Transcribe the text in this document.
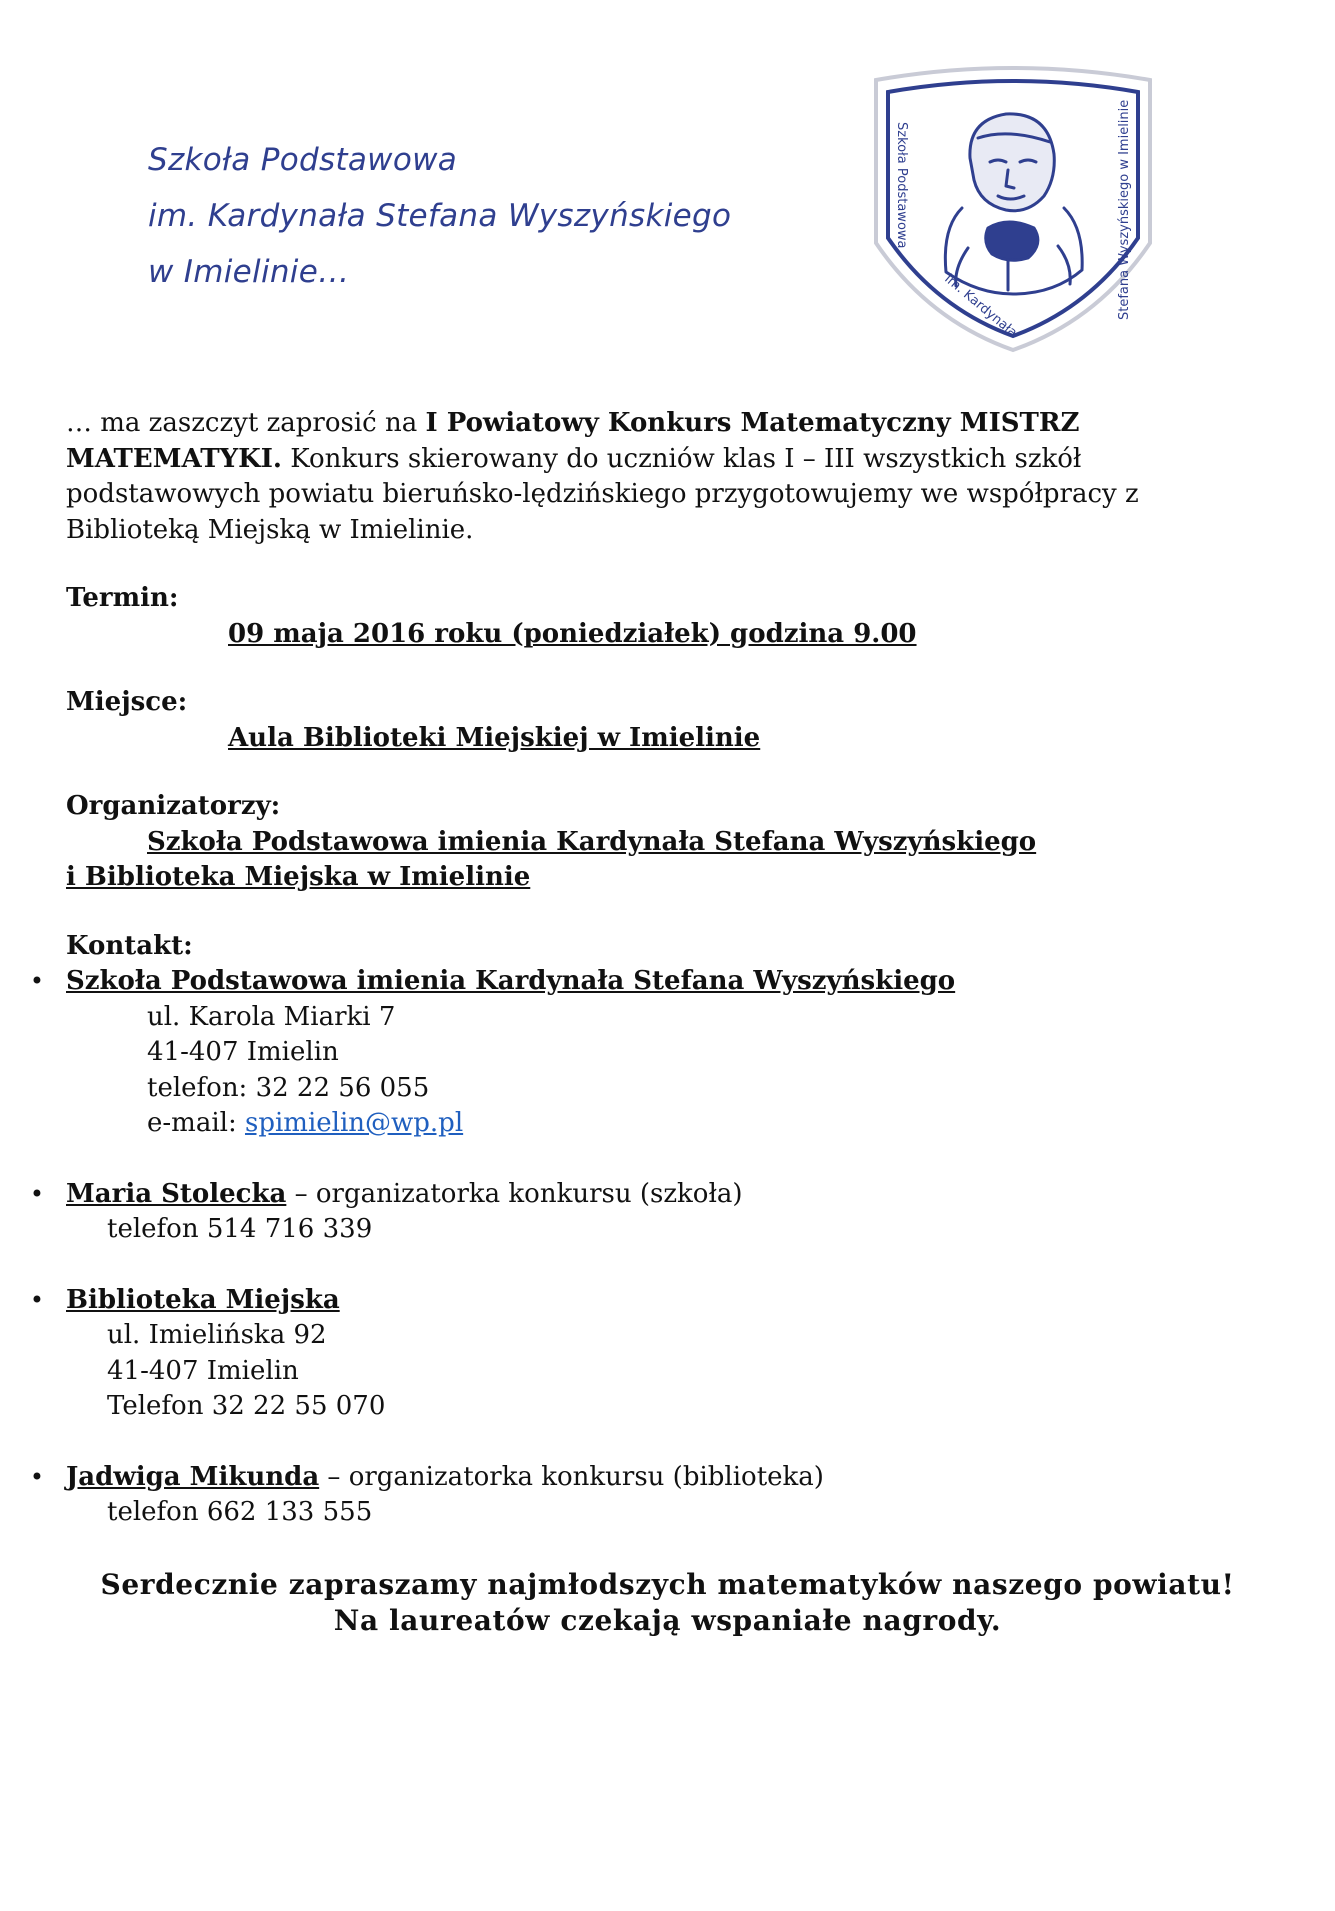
Szkoła Podstawowa
im. Kardynała Stefana Wyszyńskiego
w Imielinie…
Szkoła Podstawowa	Stefana Wyszyńskiego w Imielinie
im. Kardynała

… ma zaszczyt zaprosić na I Powiatowy Konkurs Matematyczny MISTRZ MATEMATYKI. Konkurs skierowany do uczniów klas I – III wszystkich szkół podstawowych powiatu bieruńsko-lędzińskiego przygotowujemy we współpracy z Biblioteką Miejską w Imielinie.

Termin:
09 maja 2016 roku (poniedziałek) godzina 9.00
Miejsce:
Aula Biblioteki Miejskiej w Imielinie
Organizatorzy:
Szkoła Podstawowa imienia Kardynała Stefana Wyszyńskiego
i Biblioteka Miejska w Imielinie
Kontakt:
• Szkoła Podstawowa imienia Kardynała Stefana Wyszyńskiego
ul. Karola Miarki 7
41-407 Imielin
telefon: 32 22 56 055
e-mail: spimielin@wp.pl
• Maria Stolecka – organizatorka konkursu (szkoła)
telefon 514 716 339
• Biblioteka Miejska
ul. Imielińska 92
41-407 Imielin
Telefon 32 22 55 070
• Jadwiga Mikunda – organizatorka konkursu (biblioteka)
telefon 662 133 555
Serdecznie zapraszamy najmłodszych matematyków naszego powiatu!
Na laureatów czekają wspaniałe nagrody.
